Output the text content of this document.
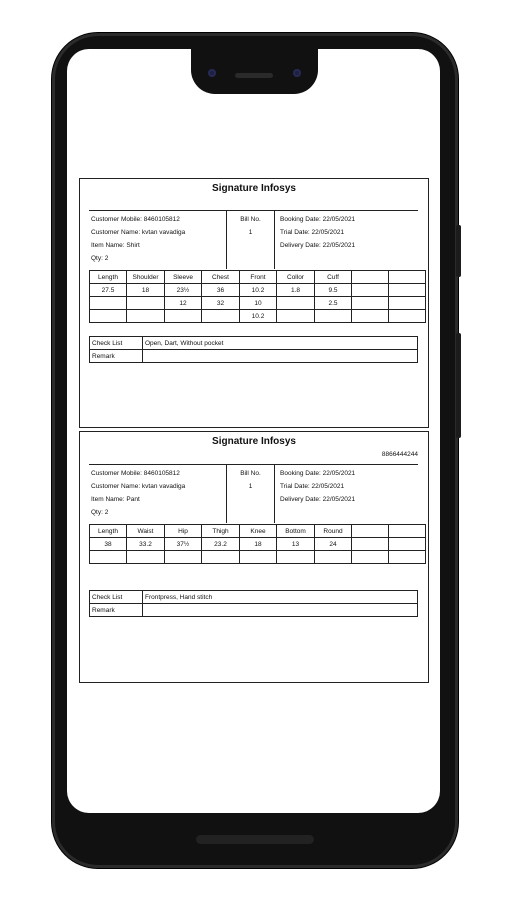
Signature Infosys
Customer Mobile: 8460105812
Customer Name: kvtan vavadiga
Item Name: Shirt
Qty: 2
Bill No.
1
Booking Date: 22/05/2021
Trial Date: 22/05/2021
Delivery Date: 22/05/2021
Length	Shoulder	Sleeve	Chest	Front	Collor	Cuff		
27.5	18	23½	36	10.2	1.8	9.5		
		12	32	10		2.5		
				10.2				
Check List	Open, Dart, Without pocket
Remark	
Signature Infosys
8866444244
Customer Mobile: 8460105812
Customer Name: kvtan vavadiga
Item Name: Pant
Qty: 2
Bill No.
1
Booking Date: 22/05/2021
Trial Date: 22/05/2021
Delivery Date: 22/05/2021
Length	Waist	Hip	Thigh	Knee	Bottom	Round		
38	33.2	37½	23.2	18	13	24		

Check List	Frontpress, Hand stitch
Remark	
